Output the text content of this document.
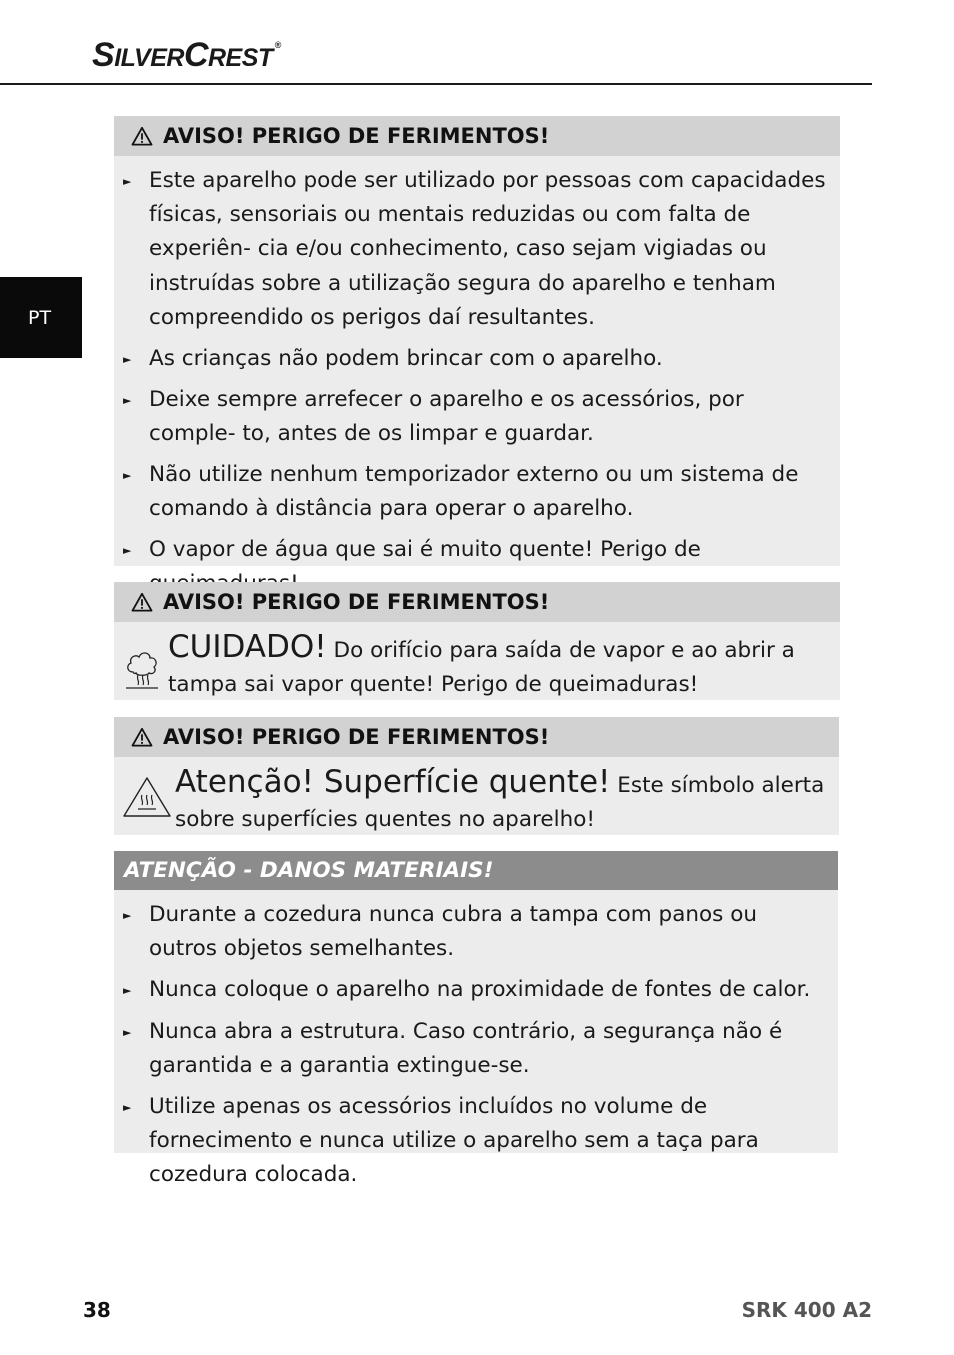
SILVERCREST ®
PT
AVISO! PERIGO DE FERIMENTOS!
► Este aparelho pode ser utilizado por pessoas com capacidades físicas, sensoriais ou mentais reduzidas ou com falta de experiên- cia e/ou conhecimento, caso sejam vigiadas ou instruídas sobre a utilização segura do aparelho e tenham compreendido os perigos daí resultantes.
► As crianças não podem brincar com o aparelho.
► Deixe sempre arrefecer o aparelho e os acessórios, por comple- to, antes de os limpar e guardar.
► Não utilize nenhum temporizador externo ou um sistema de comando à distância para operar o aparelho.
► O vapor de água que sai é muito quente! Perigo de
AVISO! PERIGO DE FERIMENTOS!
CUIDADO! Do orifício para saída de vapor e ao abrir a tampa sai vapor quente! Perigo de queimaduras!
AVISO! PERIGO DE FERIMENTOS!
Atenção! Superfície quente! Este símbolo alerta sobre superfícies quentes no aparelho!
ATENÇÃO - DANOS MATERIAIS!
► Durante a cozedura nunca cubra a tampa com panos ou outros objetos semelhantes.
► Nunca coloque o aparelho na proximidade de fontes de calor.
► Nunca abra a estrutura. Caso contrário, a segurança não é garantida e a garantia extingue-se.
► Utilize apenas os acessórios incluídos no volume de fornecimento e nunca utilize o aparelho sem a taça para cozedura colocada.
38	SRK 400 A2
